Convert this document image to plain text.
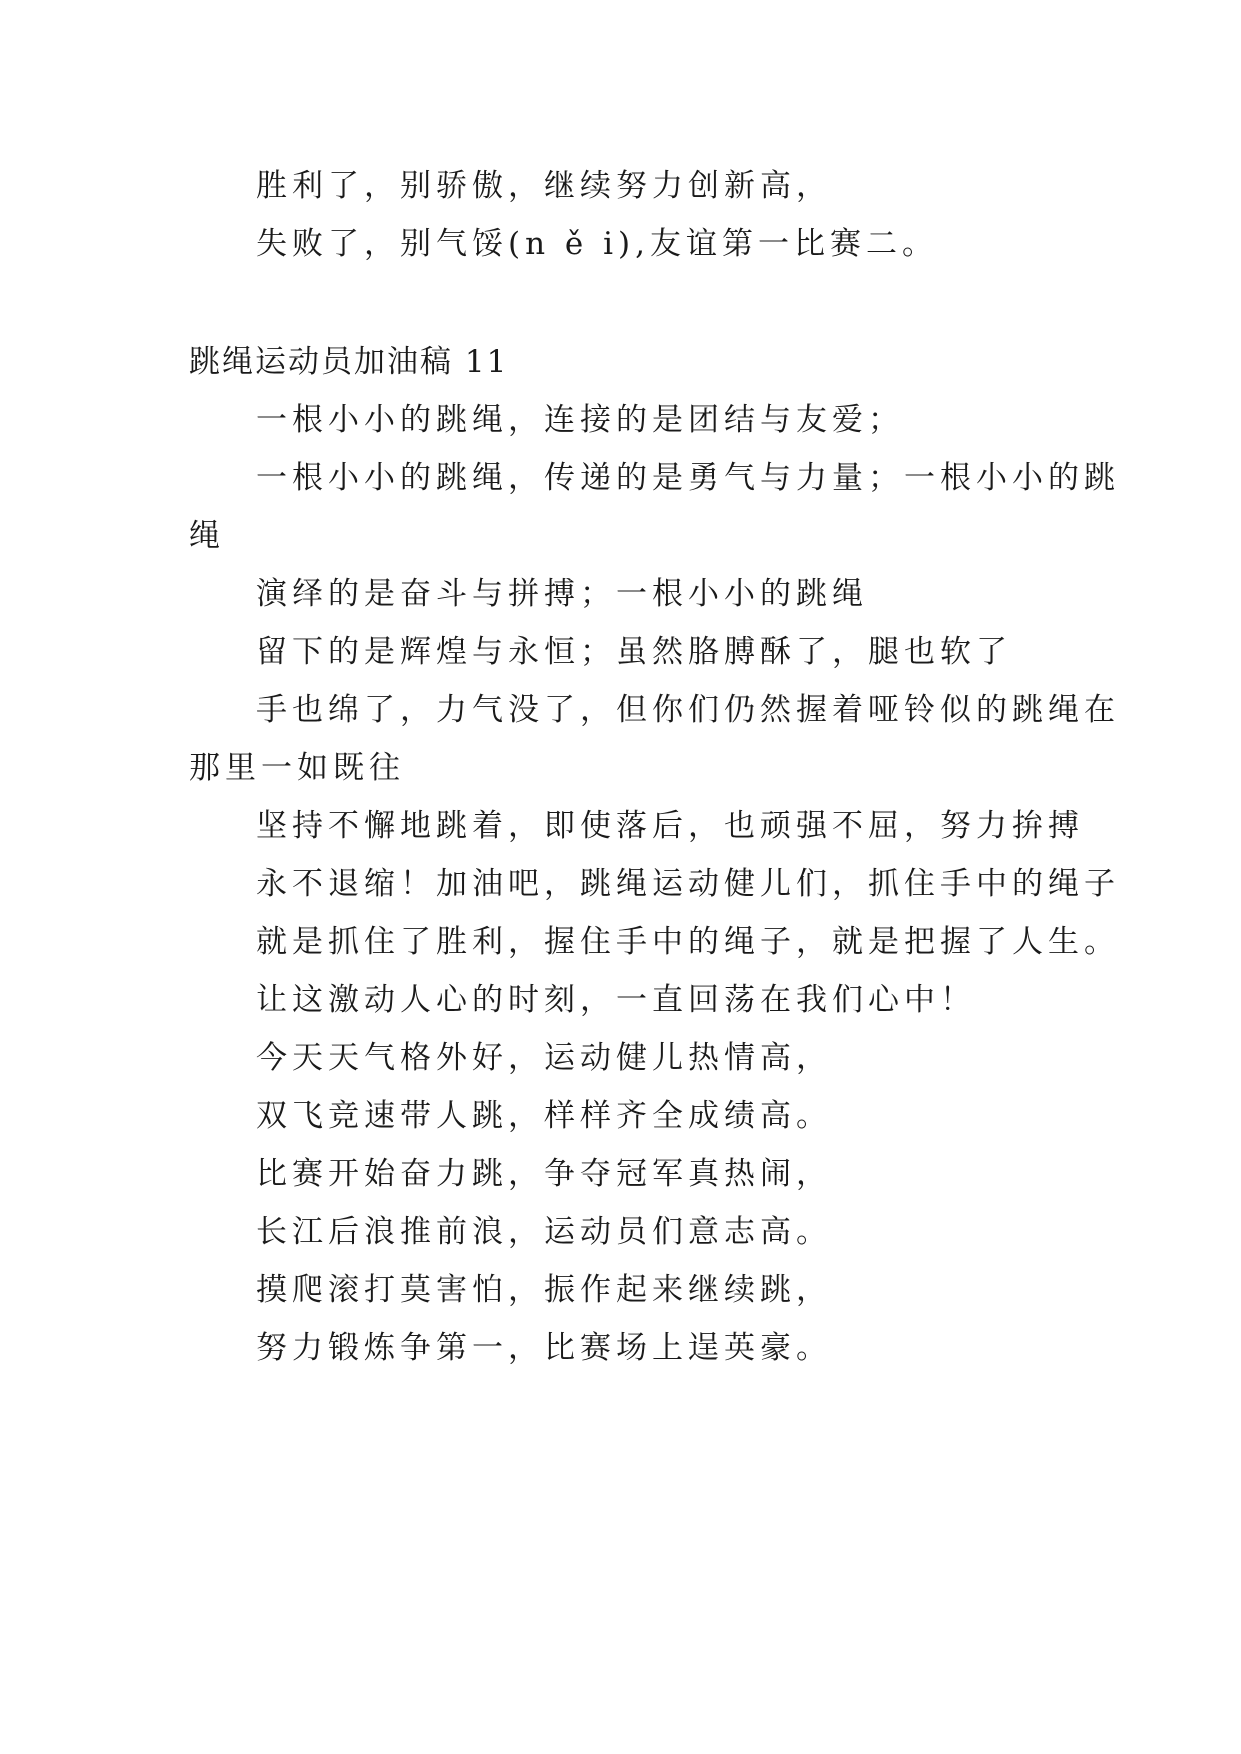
胜利了，别骄傲，继续努力创新高，
失败了，别气馁(n ě i),友谊第一比赛二。
跳绳运动员加油稿 11
一根小小的跳绳，连接的是团结与友爱；
一根小小的跳绳，传递的是勇气与力量；一根小小的跳
绳
演绎的是奋斗与拼搏；一根小小的跳绳
留下的是辉煌与永恒；虽然胳膊酥了，腿也软了
手也绵了，力气没了，但你们仍然握着哑铃似的跳绳在
那里一如既往
坚持不懈地跳着，即使落后，也顽强不屈，努力拚搏
永不退缩！加油吧，跳绳运动健儿们，抓住手中的绳子
就是抓住了胜利，握住手中的绳子，就是把握了人生。
让这激动人心的时刻，一直回荡在我们心中！
今天天气格外好，运动健儿热情高，
双飞竞速带人跳，样样齐全成绩高。
比赛开始奋力跳，争夺冠军真热闹，
长江后浪推前浪，运动员们意志高。
摸爬滚打莫害怕，振作起来继续跳，
努力锻炼争第一，比赛场上逞英豪。
